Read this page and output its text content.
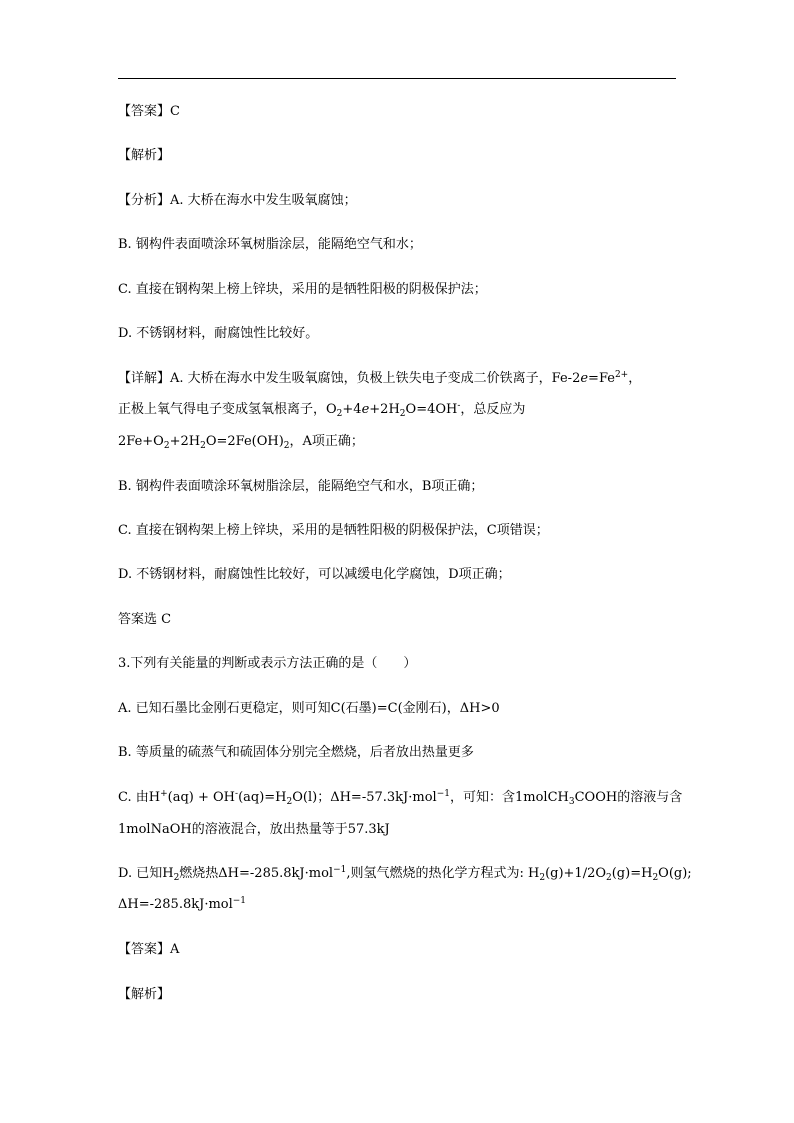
【答案】C
【解析】
【分析】A. 大桥在海水中发生吸氧腐蚀；
B. 钢构件表面喷涂环氧树脂涂层，能隔绝空气和水；
C. 直接在钢构架上榜上锌块，采用的是牺牲阳极的阴极保护法；
D. 不锈钢材料，耐腐蚀性比较好。
【详解】A. 大桥在海水中发生吸氧腐蚀，负极上铁失电子变成二价铁离子，$Fe-2e=Fe^{2+}$，
正极上氧气得电子变成氢氧根离子，$O_2+4e+2H_2O=4OH^-$，总反应为
$2Fe+O_2+2H_2O=2Fe(OH)_2$，A项正确；
B. 钢构件表面喷涂环氧树脂涂层，能隔绝空气和水，B项正确；
C. 直接在钢构架上榜上锌块，采用的是牺牲阳极的阴极保护法，C项错误；
D. 不锈钢材料，耐腐蚀性比较好，可以减缓电化学腐蚀，D项正确；
答案选 C
3.下列有关能量的判断或表示方法正确的是（　　）
A. 已知石墨比金刚石更稳定，则可知C(石墨)=C(金刚石)，ΔH>0
B. 等质量的硫蒸气和硫固体分别完全燃烧，后者放出热量更多
C. 由$H^+(aq) + OH^-(aq)=H_2O(l)$；ΔH=-57.3kJ·mol$^{-1}$，可知：含1molCH$_3$COOH的溶液与含
1molNaOH的溶液混合，放出热量等于57.3kJ
D. 已知$H_2$燃烧热ΔH=-285.8kJ·mol$^{-1}$,则氢气燃烧的热化学方程式为: $H_2(g)+1/2O_2(g)=H_2O(g)$;
ΔH=-285.8kJ·mol$^{-1}$
【答案】A
【解析】
